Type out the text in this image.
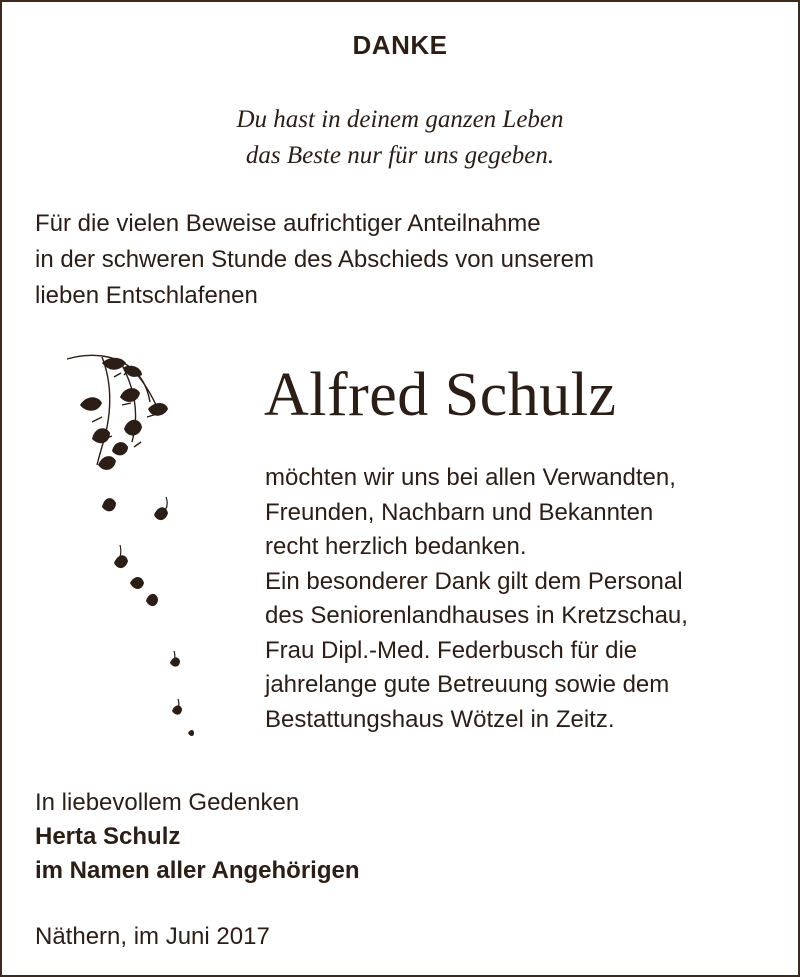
DANKE
Du hast in deinem ganzen Leben
das Beste nur für uns gegeben.
Für die vielen Beweise aufrichtiger Anteilnahme
in der schweren Stunde des Abschieds von unserem
lieben Entschlafenen
Alfred Schulz
möchten wir uns bei allen Verwandten,
Freunden, Nachbarn und Bekannten
recht herzlich bedanken.
Ein besonderer Dank gilt dem Personal
des Seniorenlandhauses in Kretzschau,
Frau Dipl.-Med. Federbusch für die
jahrelange gute Betreuung sowie dem
Bestattungshaus Wötzel in Zeitz.
In liebevollem Gedenken
Herta Schulz
im Namen aller Angehörigen
Näthern, im Juni 2017
